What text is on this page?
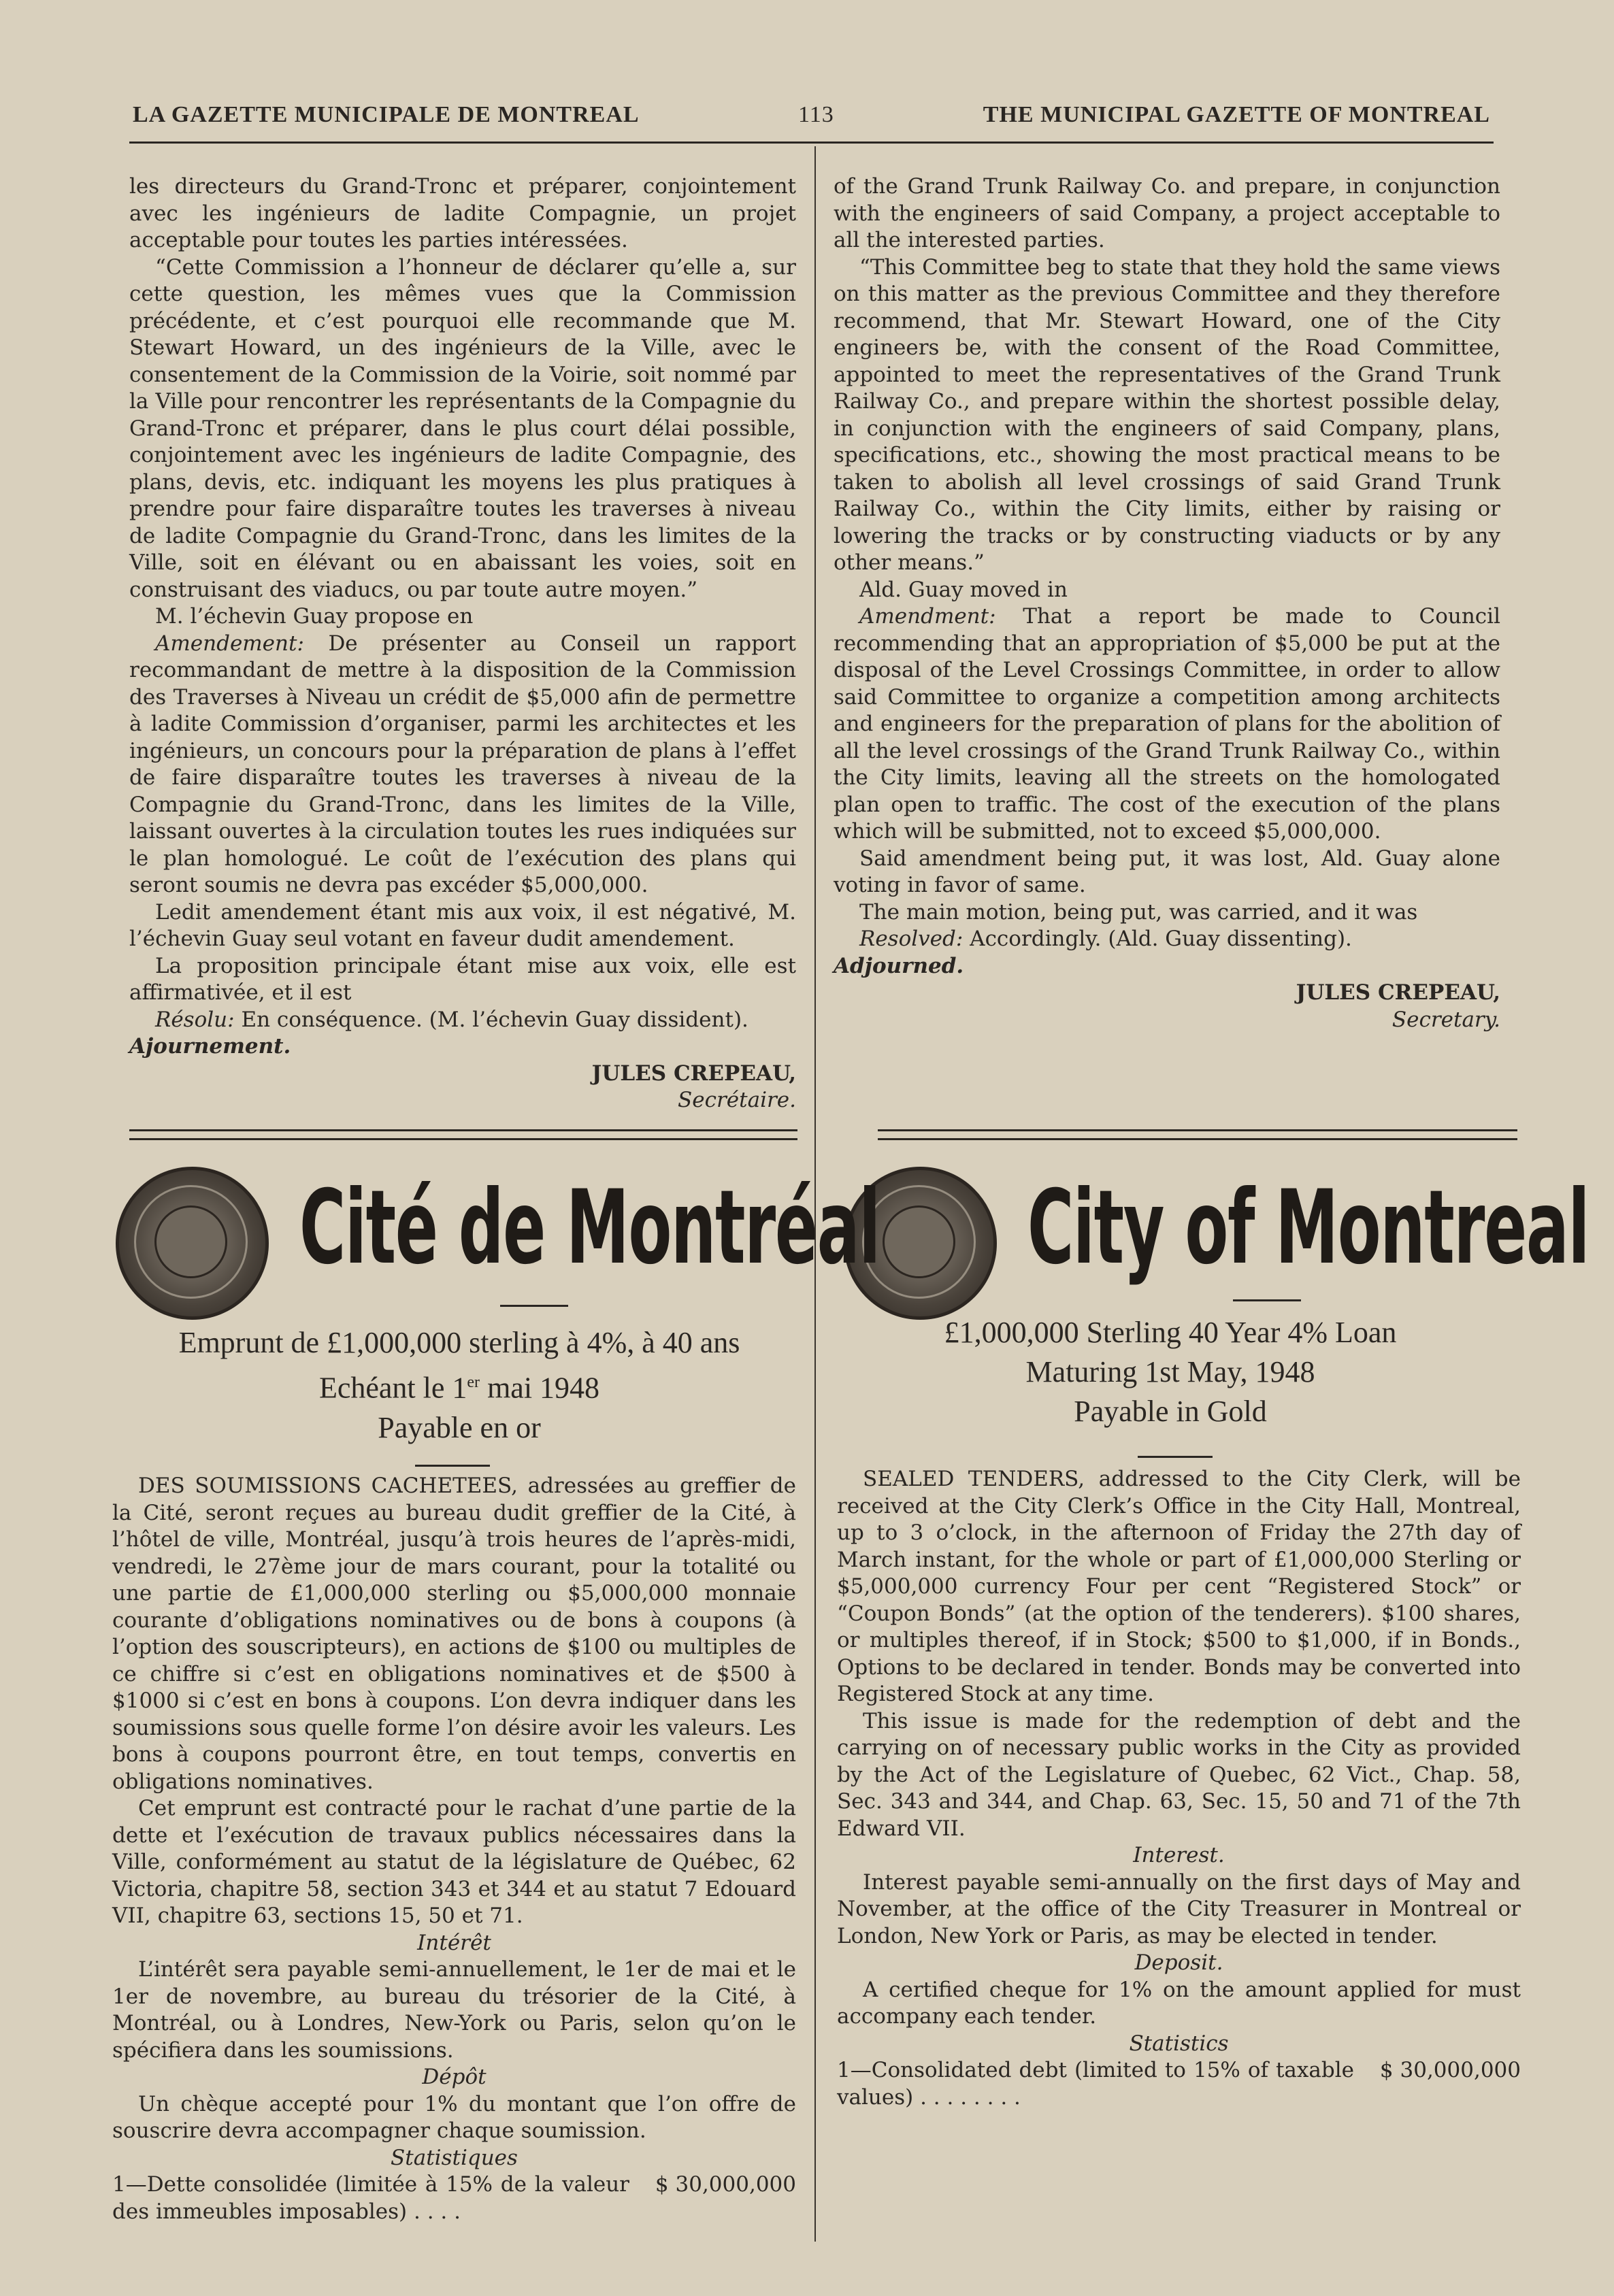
LA GAZETTE MUNICIPALE DE MONTREAL	113	THE MUNICIPAL GAZETTE OF MONTREAL

les directeurs du Grand-Tronc et préparer, conjointement avec les ingénieurs de ladite Compagnie, un projet acceptable pour toutes les parties intéressées.

“Cette Commission a l’honneur de déclarer qu’elle a, sur cette question, les mêmes vues que la Commission précédente, et c’est pourquoi elle recommande que M. Stewart Howard, un des ingénieurs de la Ville, avec le consentement de la Commission de la Voirie, soit nommé par la Ville pour rencontrer les représentants de la Compagnie du Grand-Tronc et préparer, dans le plus court délai possible, conjointement avec les ingénieurs de ladite Compagnie, des plans, devis, etc. indiquant les moyens les plus pratiques à prendre pour faire disparaître toutes les traverses à niveau de ladite Compagnie du Grand-Tronc, dans les limites de la Ville, soit en élévant ou en abaissant les voies, soit en construisant des viaducs, ou par toute autre moyen.”

M. l’échevin Guay propose en

Amendement: De présenter au Conseil un rapport recommandant de mettre à la disposition de la Commission des Traverses à Niveau un crédit de $5,000 afin de permettre à ladite Commission d’organiser, parmi les architectes et les ingénieurs, un concours pour la préparation de plans à l’effet de faire disparaître toutes les traverses à niveau de la Compagnie du Grand-Tronc, dans les limites de la Ville, laissant ouvertes à la circulation toutes les rues indiquées sur le plan homologué. Le coût de l’exécution des plans qui seront soumis ne devra pas excéder $5,000,000.

Ledit amendement étant mis aux voix, il est négativé, M. l’échevin Guay seul votant en faveur dudit amendement.

La proposition principale étant mise aux voix, elle est affirmativée, et il est

Résolu: En conséquence. (M. l’échevin Guay dissident).

Ajournement.

JULES CREPEAU,

Secrétaire.

of the Grand Trunk Railway Co. and prepare, in conjunction with the engineers of said Company, a project acceptable to all the interested parties.

“This Committee beg to state that they hold the same views on this matter as the previous Committee and they therefore recommend, that Mr. Stewart Howard, one of the City engineers be, with the consent of the Road Committee, appointed to meet the representatives of the Grand Trunk Railway Co., and prepare within the shortest possible delay, in conjunction with the engineers of said Company, plans, specifications, etc., showing the most practical means to be taken to abolish all level crossings of said Grand Trunk Railway Co., within the City limits, either by raising or lowering the tracks or by constructing viaducts or by any other means.”

Ald. Guay moved in

Amendment: That a report be made to Council recommending that an appropriation of $5,000 be put at the disposal of the Level Crossings Committee, in order to allow said Committee to organize a competition among architects and engineers for the preparation of plans for the abolition of all the level crossings of the Grand Trunk Railway Co., within the City limits, leaving all the streets on the homologated plan open to traffic. The cost of the execution of the plans which will be submitted, not to exceed $5,000,000.

Said amendment being put, it was lost, Ald. Guay alone voting in favor of same.

The main motion, being put, was carried, and it was

Resolved: Accordingly. (Ald. Guay dissenting).

Adjourned.

JULES CREPEAU,

Secretary.

Cité de Montréal City of Montreal
Emprunt de £1,000,000 sterling à 4%, à 40 ans
Echéant le 1er mai 1948
Payable en or
£1,000,000 Sterling 40 Year 4% Loan
Maturing 1st May, 1948
Payable in Gold

DES SOUMISSIONS CACHETEES, adressées au greffier de la Cité, seront reçues au bureau dudit greffier de la Cité, à l’hôtel de ville, Montréal, jusqu’à trois heures de l’après-midi, vendredi, le 27ème jour de mars courant, pour la totalité ou une partie de £1,000,000 sterling ou $5,000,000 monnaie courante d’obligations nominatives ou de bons à coupons (à l’option des souscripteurs), en actions de $100 ou multiples de ce chiffre si c’est en obligations nominatives et de $500 à $1000 si c’est en bons à coupons. L’on devra indiquer dans les soumissions sous quelle forme l’on désire avoir les valeurs. Les bons à coupons pourront être, en tout temps, convertis en obligations nominatives.

Cet emprunt est contracté pour le rachat d’une partie de la dette et l’exécution de travaux publics nécessaires dans la Ville, conformément au statut de la législature de Québec, 62 Victoria, chapitre 58, section 343 et 344 et au statut 7 Edouard VII, chapitre 63, sections 15, 50 et 71.

Intérêt

L’intérêt sera payable semi-annuellement, le 1er de mai et le 1er de novembre, au bureau du trésorier de la Cité, à Montréal, ou à Londres, New-York ou Paris, selon qu’on le spécifiera dans les soumissions.

Dépôt

Un chèque accepté pour 1% du montant que l’on offre de souscrire devra accompagner chaque soumission.

Statistiques

1—Dette consolidée (limitée à 15% de la valeur des immeubles imposables) . . . .
$ 30,000,000

SEALED TENDERS, addressed to the City Clerk, will be received at the City Clerk’s Office in the City Hall, Montreal, up to 3 o’clock, in the afternoon of Friday the 27th day of March instant, for the whole or part of £1,000,000 Sterling or $5,000,000 currency Four per cent “Registered Stock” or “Coupon Bonds” (at the option of the tenderers). $100 shares, or multiples thereof, if in Stock; $500 to $1,000, if in Bonds., Options to be declared in tender. Bonds may be converted into Registered Stock at any time.

This issue is made for the redemption of debt and the carrying on of necessary public works in the City as provided by the Act of the Legislature of Quebec, 62 Vict., Chap. 58, Sec. 343 and 344, and Chap. 63, Sec. 15, 50 and 71 of the 7th Edward VII.

Interest.

Interest payable semi-annually on the first days of May and November, at the office of the City Treasurer in Montreal or London, New York or Paris, as may be elected in tender.

Deposit.

A certified cheque for 1% on the amount applied for must accompany each tender.

Statistics

1—Consolidated debt (limited to 15% of taxable values) . . . . . . . .
$ 30,000,000
